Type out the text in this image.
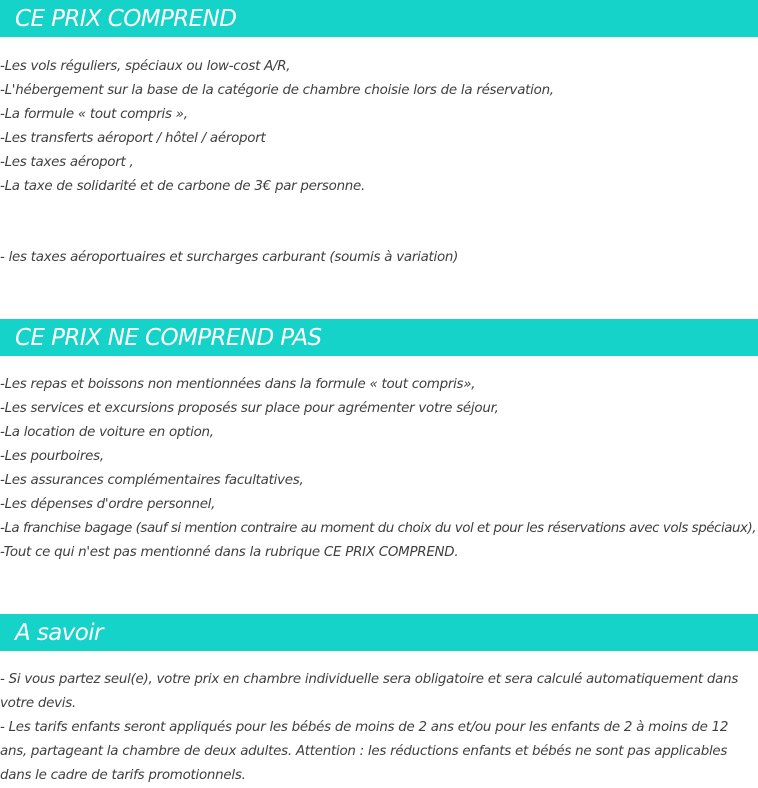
CE PRIX COMPREND
-Les vols réguliers, spéciaux ou low-cost A/R,
-L'hébergement sur la base de la catégorie de chambre choisie lors de la réservation,
-La formule « tout compris »,
-Les transferts aéroport / hôtel / aéroport
-Les taxes aéroport ,
-La taxe de solidarité et de carbone de 3€ par personne.
- les taxes aéroportuaires et surcharges carburant (soumis à variation)
CE PRIX NE COMPREND PAS
-Les repas et boissons non mentionnées dans la formule « tout compris»,
-Les services et excursions proposés sur place pour agrémenter votre séjour,
-La location de voiture en option,
-Les pourboires,
-Les assurances complémentaires facultatives,
-Les dépenses d'ordre personnel,
-La franchise bagage (sauf si mention contraire au moment du choix du vol et pour les réservations avec vols spéciaux),
-Tout ce qui n'est pas mentionné dans la rubrique CE PRIX COMPREND.
A savoir

- Si vous partez seul(e), votre prix en chambre individuelle sera obligatoire et sera calculé automatiquement dans votre devis.

- Les tarifs enfants seront appliqués pour les bébés de moins de 2 ans et/ou pour les enfants de 2 à moins de 12 ans, partageant la chambre de deux adultes. Attention : les réductions enfants et bébés ne sont pas applicables dans le cadre de tarifs promotionnels.
